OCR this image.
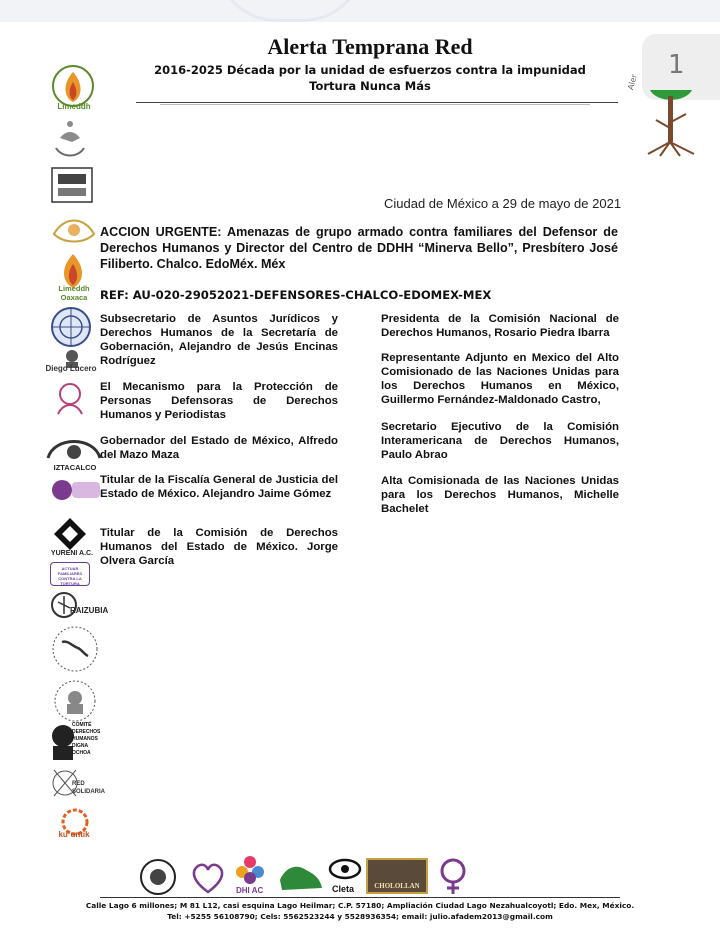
1
Alerta Temprana Red
2016-2025 Década por la unidad de esfuerzos contra la impunidad
Tortura Nunca Más	Aler
Limeddh
Limeddh Oaxaca
Diego Lucero
IZTACALCO
YURENI A.C.
ACTUAR FAMILIARES CONTRA LA TORTURA
RAIZUBIA
COMITÉ DERECHOS HUMANOS DIGNA OCHOA
RED SOLIDARIA
ku´untik
Ciudad de México a 29 de mayo de 2021
ACCION URGENTE: Amenazas de grupo armado contra familiares del Defensor de Derechos Humanos y Director del Centro de DDHH “Minerva Bello”, Presbítero José Filiberto. Chalco. EdoMéx. Méx
REF: AU-020-29052021-DEFENSORES-CHALCO-EDOMEX-MEX
Subsecretario de Asuntos Jurídicos y Derechos Humanos de la Secretaría de Gobernación, Alejandro de Jesús Encinas Rodríguez
El Mecanismo para la Protección de Personas Defensoras de Derechos Humanos y Periodistas
Gobernador del Estado de México, Alfredo del Mazo Maza
Titular de la Fiscalía General de Justicia del Estado de México. Alejandro Jaime Gómez
Titular de la Comisión de Derechos Humanos del Estado de México. Jorge Olvera García
Presidenta de la Comisión Nacional de Derechos Humanos, Rosario Piedra Ibarra
Representante Adjunto en Mexico del Alto Comisionado de las Naciones Unidas para los Derechos Humanos en México, Guillermo Fernández-Maldonado Castro,
Secretario Ejecutivo de la Comisión Interamericana de Derechos Humanos, Paulo Abrao
Alta Comisionada de las Naciones Unidas para los Derechos Humanos, Michelle Bachelet
DHI AC	Cleta	CHOLOLLAN
Calle Lago 6 millones; M 81 L12, casi esquina Lago Heilmar; C.P. 57180; Ampliación Ciudad Lago Nezahualcoyotl; Edo. Mex, México.
Tel: +5255 56108790; Cels: 5562523244 y 5528936354; email: julio.afadem2013@gmail.com
